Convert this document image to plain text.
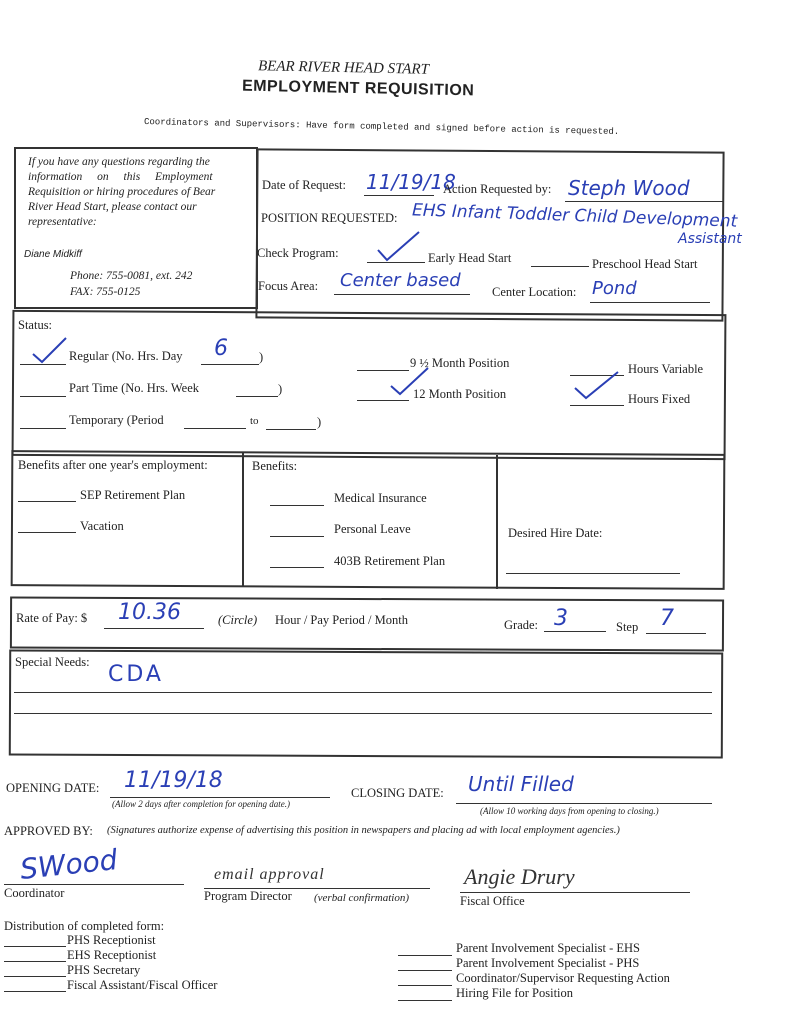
BEAR RIVER HEAD START
EMPLOYMENT REQUISITION
Coordinators and Supervisors: Have form completed and signed before action is requested.
If you have any questions regarding the
information on this Employment
Requisition or hiring procedures of Bear
River Head Start, please contact our
representative:
Diane Midkiff
Phone: 755-0081, ext. 242
FAX: 755-0125
Date of Request: 11/19/18
Action Requested by: Steph Wood
POSITION REQUESTED: EHS Infant Toddler Child Development
Assistant
Check Program:	Early Head Start	Preschool Head Start
Focus Area: Center based
Center Location: Pond
Status:
Regular (No. Hrs. Day 6 )
Part Time (No. Hrs. Week	)
Temporary (Period	to	)
9 ½ Month Position
12 Month Position
Hours Variable
Hours Fixed
Benefits after one year's employment:
SEP Retirement Plan
Vacation
Benefits:
Medical Insurance
Personal Leave
403B Retirement Plan
Desired Hire Date:
Rate of Pay: $ 10.36	(Circle) Hour / Pay Period / Month	Grade: 3	Step 7
Special Needs: CDA
OPENING DATE: 11/19/18
(Allow 2 days after completion for opening date.)
CLOSING DATE: Until Filled
(Allow 10 working days from opening to closing.)
APPROVED BY: (Signatures authorize expense of advertising this position in newspapers and placing ad with local employment agencies.)
SWood
Coordinator
email approval
Program Director (verbal confirmation)
Angie Drury
Fiscal Office
Distribution of completed form:
PHS Receptionist
EHS Receptionist
PHS Secretary
Fiscal Assistant/Fiscal Officer
Parent Involvement Specialist - EHS
Parent Involvement Specialist - PHS
Coordinator/Supervisor Requesting Action
Hiring File for Position
